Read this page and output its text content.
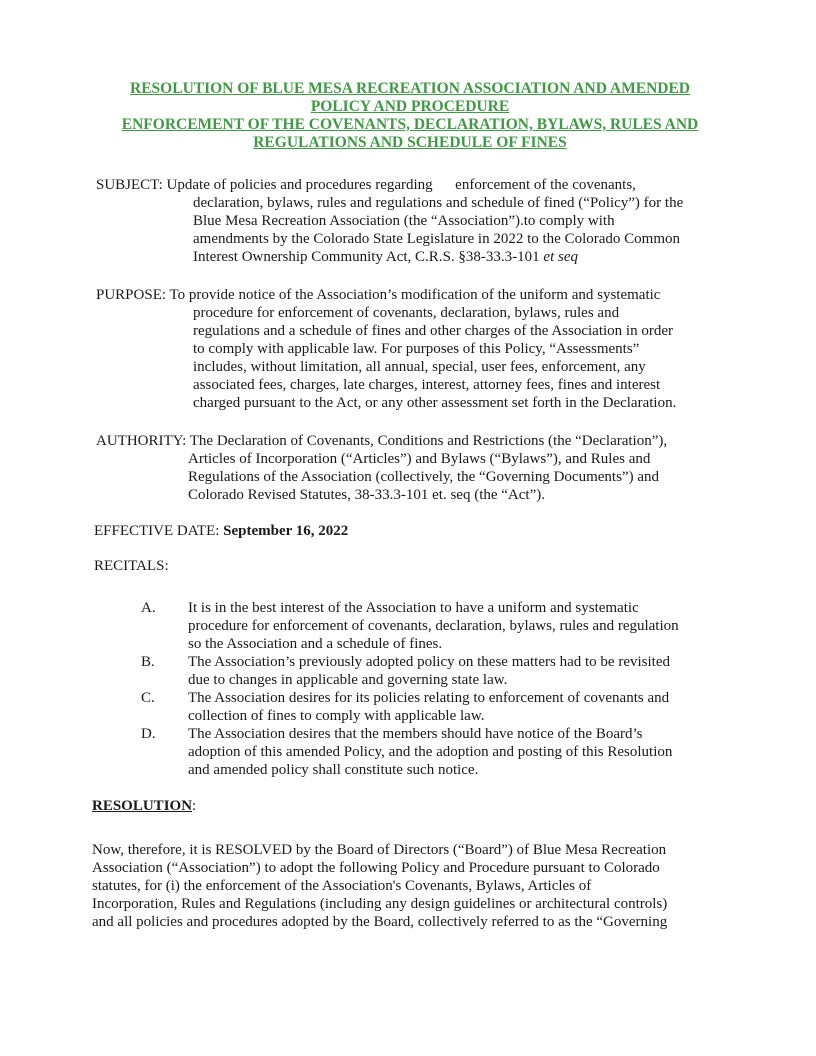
RESOLUTION OF BLUE MESA RECREATION ASSOCIATION AND AMENDED
POLICY AND PROCEDURE
ENFORCEMENT OF THE COVENANTS, DECLARATION, BYLAWS, RULES AND
REGULATIONS AND SCHEDULE OF FINES
SUBJECT: Update of policies and procedures regarding      enforcement of the covenants,
declaration, bylaws, rules and regulations and schedule of fined (“Policy”) for the
Blue Mesa Recreation Association (the “Association”).to comply with
amendments by the Colorado State Legislature in 2022 to the Colorado Common
Interest Ownership Community Act, C.R.S. §38-33.3-101 et seq
PURPOSE: To provide notice of the Association’s modification of the uniform and systematic
procedure for enforcement of covenants, declaration, bylaws, rules and
regulations and a schedule of fines and other charges of the Association in order
to comply with applicable law. For purposes of this Policy, “Assessments”
includes, without limitation, all annual, special, user fees, enforcement, any
associated fees, charges, late charges, interest, attorney fees, fines and interest
charged pursuant to the Act, or any other assessment set forth in the Declaration.
AUTHORITY: The Declaration of Covenants, Conditions and Restrictions (the “Declaration”),
Articles of Incorporation (“Articles”) and Bylaws (“Bylaws”), and Rules and
Regulations of the Association (collectively, the “Governing Documents”) and
Colorado Revised Statutes, 38-33.3-101 et. seq (the “Act”).
EFFECTIVE DATE: September 16, 2022
RECITALS:
A. It is in the best interest of the Association to have a uniform and systematic
procedure for enforcement of covenants, declaration, bylaws, rules and regulation
so the Association and a schedule of fines.
B. The Association’s previously adopted policy on these matters had to be revisited
due to changes in applicable and governing state law.
C. The Association desires for its policies relating to enforcement of covenants and
collection of fines to comply with applicable law.
D. The Association desires that the members should have notice of the Board’s
adoption of this amended Policy, and the adoption and posting of this Resolution
and amended policy shall constitute such notice.
RESOLUTION:
Now, therefore, it is RESOLVED by the Board of Directors (“Board”) of Blue Mesa Recreation
Association (“Association”) to adopt the following Policy and Procedure pursuant to Colorado
statutes, for (i) the enforcement of the Association's Covenants, Bylaws, Articles of
Incorporation, Rules and Regulations (including any design guidelines or architectural controls)
and all policies and procedures adopted by the Board, collectively referred to as the “Governing
